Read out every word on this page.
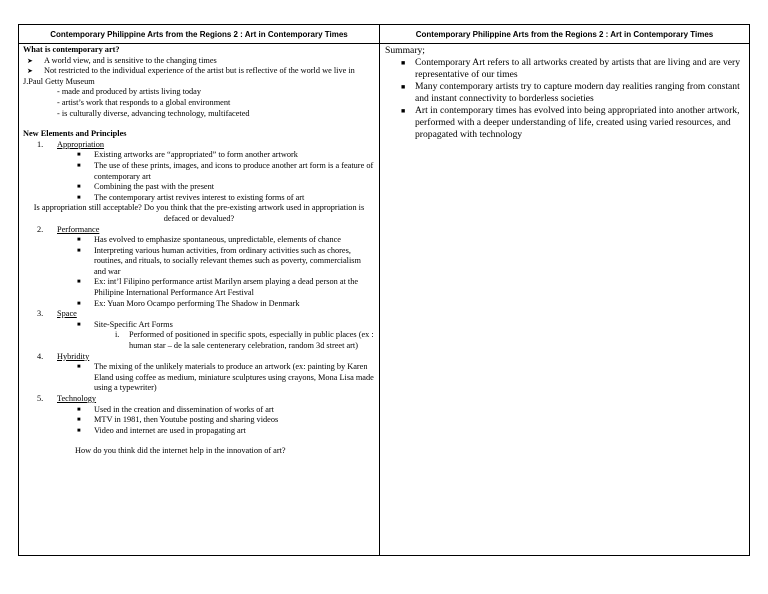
Contemporary Philippine Arts from the Regions 2 : Art in Contemporary Times	Contemporary Philippine Arts from the Regions 2 : Art in Contemporary Times
What is contemporary art?
➤	A world view, and is sensitive to the changing times
➤	Not restricted to the individual experience of the artist but is reflective of the world we live in
J.Paul Getty Museum
- made and produced by artists living today
- artist’s work that responds to a global environment
- is culturally diverse, advancing technology, multifaceted
New Elements and Principles
1.	Appropriation
■	Existing artworks are “appropriated” to form another artwork
■	The use of these prints, images, and icons to produce another art form is a feature of contemporary art
■	Combining the past with the present
■	The contemporary artist revives interest to existing forms of art
Is appropriation still acceptable? Do you think that the pre-existing artwork used in appropriation is defaced or devalued?
2.	Performance
■	Has evolved to emphasize spontaneous, unpredictable, elements of chance
■	Interpreting various human activities, from ordinary activities such as chores, routines, and rituals, to socially relevant themes such as poverty, commercialism and war
■	Ex: int’l Filipino performance artist Marilyn arsem playing a dead person at the Philipine International Performance Art Festival
■	Ex: Yuan Moro Ocampo performing The Shadow in Denmark
3.	Space
■	Site-Specific Art Forms
i.	Performed of positioned in specific spots, especially in public places (ex : human star – de la sale centenerary celebration, random 3d street art)
4.	Hybridity
■	The mixing of the unlikely materials to produce an artwork (ex: painting by Karen Eland using coffee as medium, miniature sculptures using crayons, Mona Lisa made using a typewriter)
5.	Technology
■	Used in the creation and dissemination of works of art
■	MTV in 1981, then Youtube posting and sharing videos
■	Video and internet are used in propagating art
How do you think did the internet help in the innovation of art?
Summary;
■	Contemporary Art refers to all artworks created by artists that are living and are very representative of our times
■	Many contemporary artists try to capture modern day realities ranging from constant and instant connectivity to borderless societies
■	Art in contemporary times has evolved into being appropriated into another artwork, performed with a deeper understanding of life, created using varied resources, and propagated with technology
